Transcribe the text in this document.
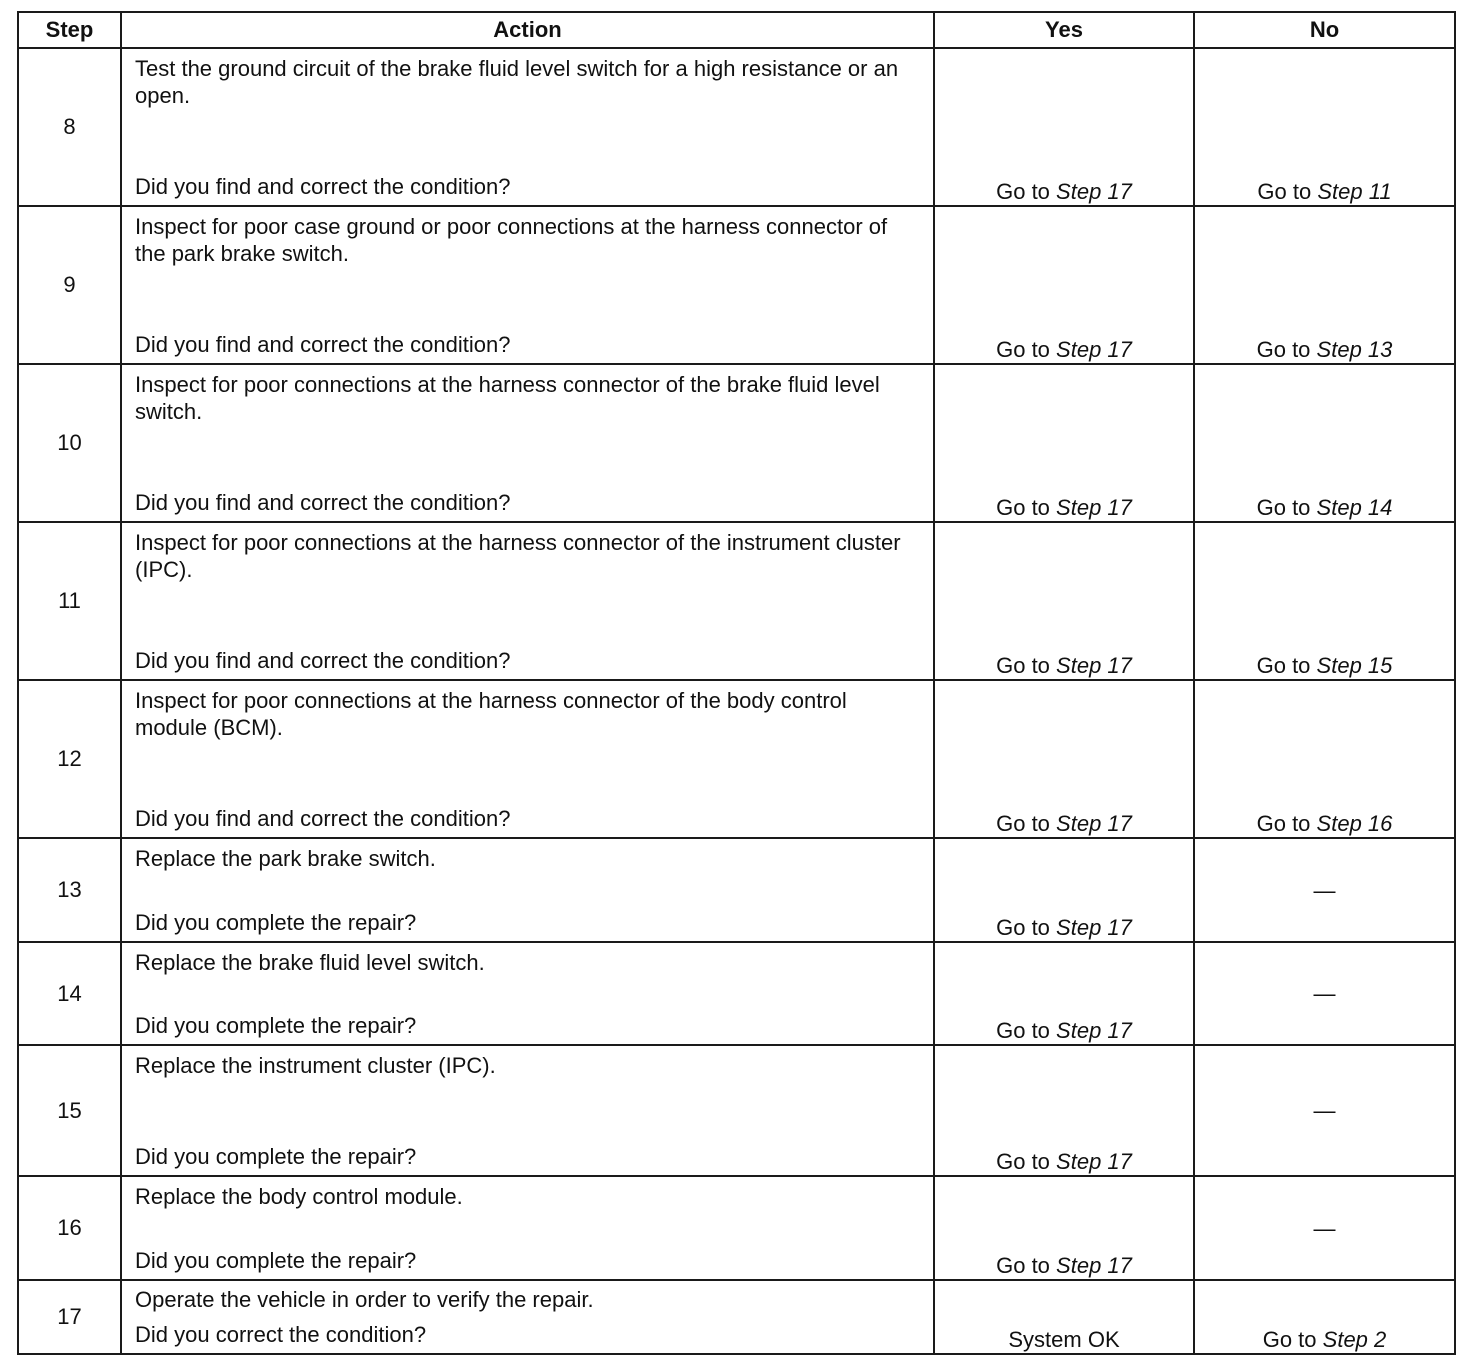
Step	Action	Yes	No
8	Test the ground circuit of the brake fluid level switch for a high resistance or an open.
Did you find and correct the condition?	Go to Step 17	Go to Step 11
9	Inspect for poor case ground or poor connections at the harness connector of the park brake switch.
Did you find and correct the condition?	Go to Step 17	Go to Step 13
10	Inspect for poor connections at the harness connector of the brake fluid level switch.
Did you find and correct the condition?	Go to Step 17	Go to Step 14
11	Inspect for poor connections at the harness connector of the instrument cluster (IPC).
Did you find and correct the condition?	Go to Step 17	Go to Step 15
12	Inspect for poor connections at the harness connector of the body control module (BCM).
Did you find and correct the condition?	Go to Step 17	Go to Step 16
13	Replace the park brake switch.
Did you complete the repair?	Go to Step 17	—
14	Replace the brake fluid level switch.
Did you complete the repair?	Go to Step 17	—
15	Replace the instrument cluster (IPC).
Did you complete the repair?	Go to Step 17	—
16	Replace the body control module.
Did you complete the repair?	Go to Step 17	—
17	Operate the vehicle in order to verify the repair.
Did you correct the condition?	System OK	Go to Step 2
